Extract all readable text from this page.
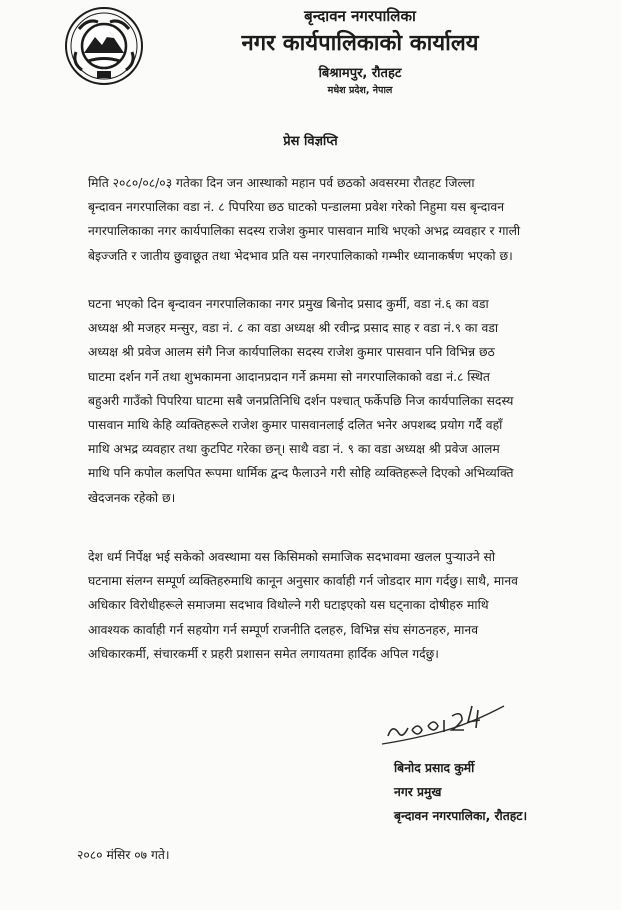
बृन्दावन नगरपालिका
नगर कार्यपालिकाको कार्यालय
बिश्रामपुर, रौतहट
मधेश प्रदेश, नेपाल
प्रेस विज्ञप्ति

मिति २०८०/०८/०३ गतेका दिन जन आस्थाको महान पर्व छठको अवसरमा रौतहट जिल्ला
बृन्दावन नगरपालिका वडा नं. ८ पिपरिया छठ घाटको पन्डालमा प्रवेश गरेको निहुमा यस बृन्दावन
नगरपालिकाका नगर कार्यपालिका सदस्य राजेश कुमार पासवान माथि भएको अभद्र व्यवहार र गाली
बेइज्जति र जातीय छुवाछूत तथा भेदभाव प्रति यस नगरपालिकाको गम्भीर ध्यानाकर्षण भएको छ।

घटना भएको दिन बृन्दावन नगरपालिकाका नगर प्रमुख बिनोद प्रसाद कुर्मी, वडा नं.६ का वडा
अध्यक्ष श्री मजहर मन्सुर, वडा नं. ८ का वडा अध्यक्ष श्री रवीन्द्र प्रसाद साह र वडा नं.९ का वडा
अध्यक्ष श्री प्रवेज आलम संगै निज कार्यपालिका सदस्य राजेश कुमार पासवान पनि विभिन्न छठ
घाटमा दर्शन गर्ने तथा शुभकामना आदानप्रदान गर्ने क्रममा सो नगरपालिकाको वडा नं.८ स्थित
बहुअरी गाउँको पिपरिया घाटमा सबै जनप्रतिनिधि दर्शन पश्चात् फर्केपछि निज कार्यपालिका सदस्य
पासवान माथि केहि व्यक्तिहरूले राजेश कुमार पासवानलाई दलित भनेर अपशब्द प्रयोग गर्दै वहाँ
माथि अभद्र व्यवहार तथा कुटपिट गरेका छन्। साथै वडा नं. ९ का वडा अध्यक्ष श्री प्रवेज आलम
माथि पनि कपोल कलपित रूपमा धार्मिक द्वन्द फैलाउने गरी सोहि व्यक्तिहरूले दिएको अभिव्यक्ति
खेदजनक रहेको छ।

देश धर्म निर्पेक्ष भई सकेको अवस्थामा यस किसिमको समाजिक सदभावमा खलल पुर्‍याउने सो
घटनामा संलग्न सम्पूर्ण व्यक्तिहरुमाथि कानून अनुसार कार्वाही गर्न जोडदार माग गर्दछु। साथै, मानव
अधिकार विरोधीहरूले समाजमा सदभाव विथोल्ने गरी घटाइएको यस घट्नाका दोषीहरु माथि
आवश्यक कार्वाही गर्न सहयोग गर्न सम्पूर्ण राजनीति दलहरु, विभिन्न संघ संगठनहरु, मानव
अधिकारकर्मी, संचारकर्मी र प्रहरी प्रशासन समेत लगायतमा हार्दिक अपिल गर्दछु।

बिनोद प्रसाद कुर्मी
नगर प्रमुख
बृन्दावन नगरपालिका, रौतहट।
२०८० मंसिर ०७ गते।
